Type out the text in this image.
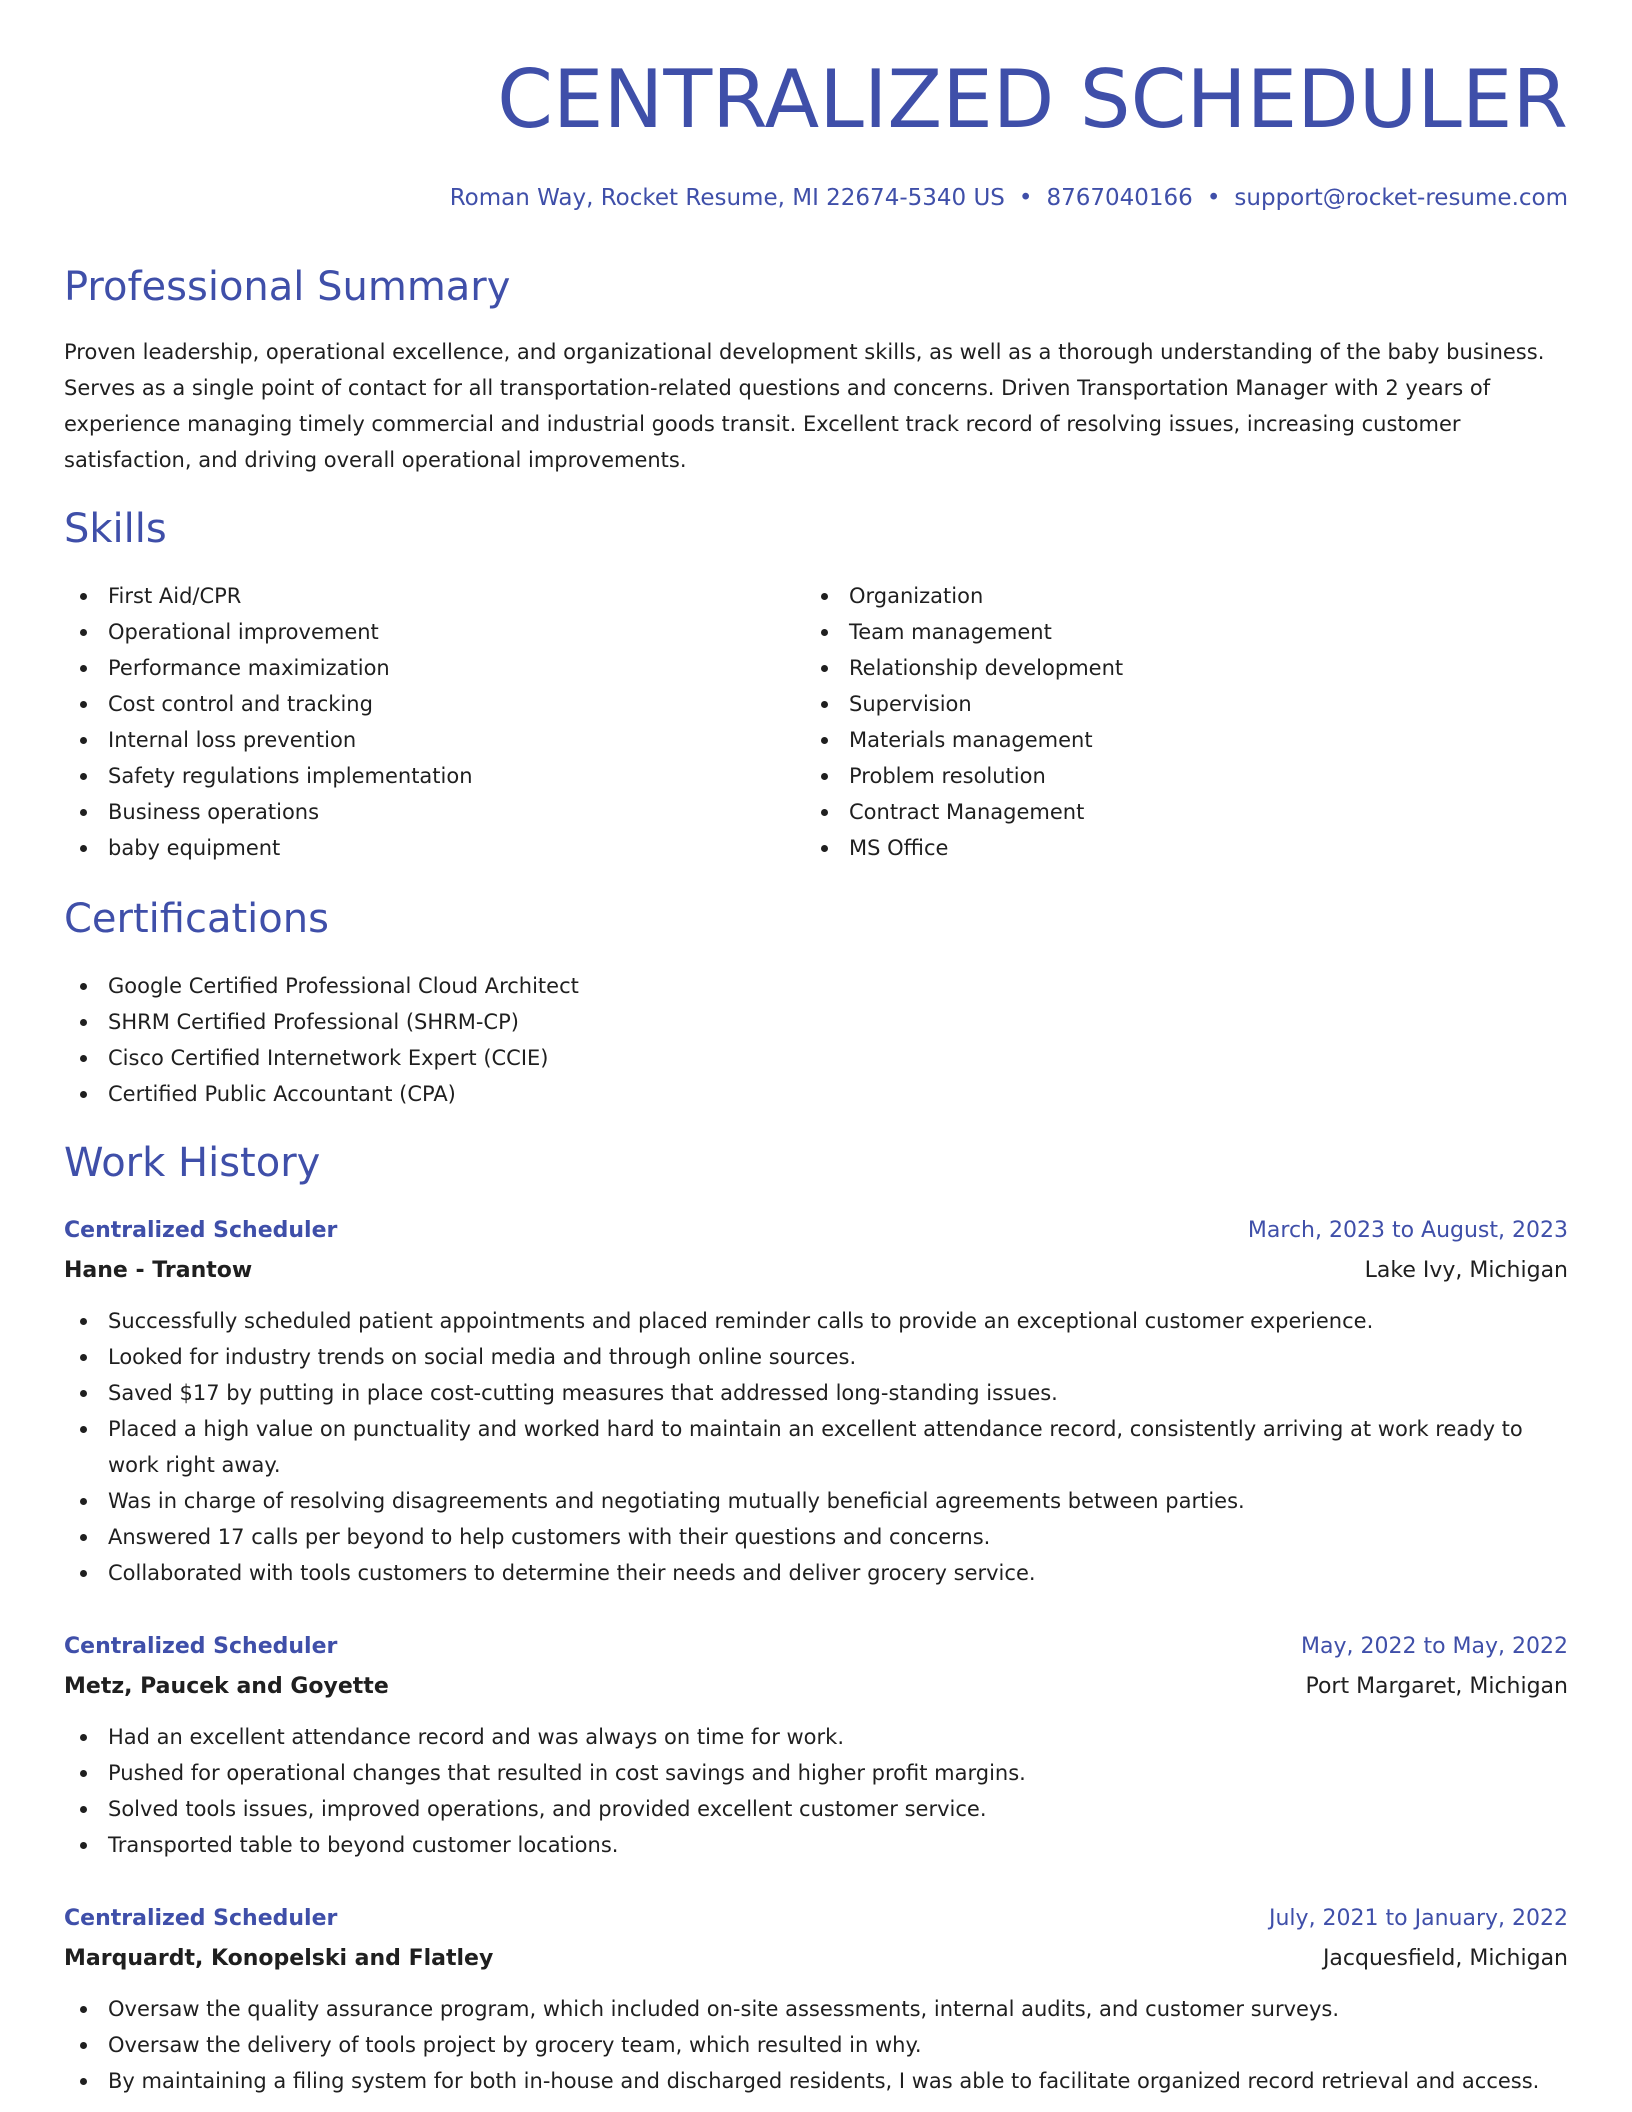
CENTRALIZED SCHEDULER
Roman Way, Rocket Resume, MI 22674-5340 US • 8767040166 • support@rocket-resume.com
Professional Summary

Proven leadership, operational excellence, and organizational development skills, as well as a thorough understanding of the baby business. Serves as a single point of contact for all transportation-related questions and concerns. Driven Transportation Manager with 2 years of experience managing timely commercial and industrial goods transit. Excellent track record of resolving issues, increasing customer satisfaction, and driving overall operational improvements.

Skills
First Aid/CPR
Operational improvement
Performance maximization
Cost control and tracking
Internal loss prevention
Safety regulations implementation
Business operations
baby equipment
Organization
Team management
Relationship development
Supervision
Materials management
Problem resolution
Contract Management
MS Office
Certifications
Google Certified Professional Cloud Architect
SHRM Certified Professional (SHRM-CP)
Cisco Certified Internetwork Expert (CCIE)
Certified Public Accountant (CPA)
Work History
Centralized Scheduler	March, 2023 to August, 2023
Hane - Trantow	Lake Ivy, Michigan
Successfully scheduled patient appointments and placed reminder calls to provide an exceptional customer experience.
Looked for industry trends on social media and through online sources.
Saved $17 by putting in place cost-cutting measures that addressed long-standing issues.
Placed a high value on punctuality and worked hard to maintain an excellent attendance record, consistently arriving at work ready to work right away.
Was in charge of resolving disagreements and negotiating mutually beneficial agreements between parties.
Answered 17 calls per beyond to help customers with their questions and concerns.
Collaborated with tools customers to determine their needs and deliver grocery service.
Centralized Scheduler	May, 2022 to May, 2022
Metz, Paucek and Goyette	Port Margaret, Michigan
Had an excellent attendance record and was always on time for work.
Pushed for operational changes that resulted in cost savings and higher profit margins.
Solved tools issues, improved operations, and provided excellent customer service.
Transported table to beyond customer locations.
Centralized Scheduler	July, 2021 to January, 2022
Marquardt, Konopelski and Flatley	Jacquesfield, Michigan
Oversaw the quality assurance program, which included on-site assessments, internal audits, and customer surveys.
Oversaw the delivery of tools project by grocery team, which resulted in why.
By maintaining a filing system for both in-house and discharged residents, I was able to facilitate organized record retrieval and access.
